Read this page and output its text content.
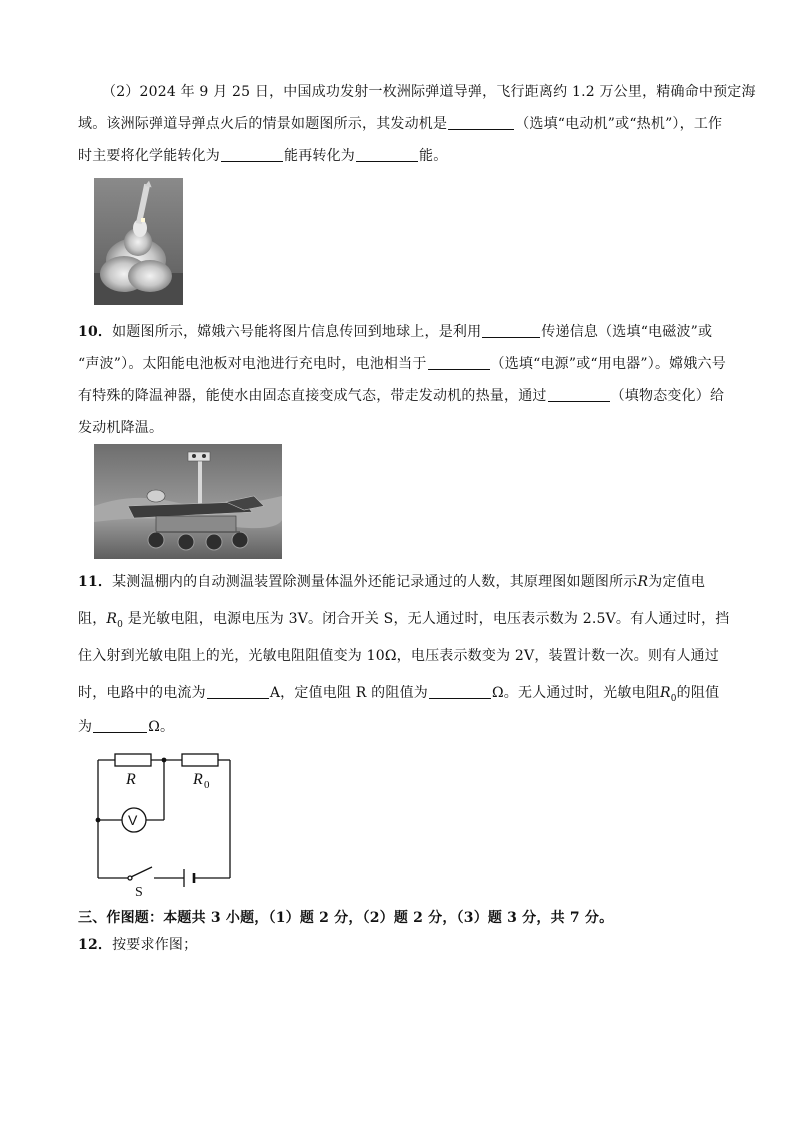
（2）2024 年 9 月 25 日，中国成功发射一枚洲际弹道导弹，飞行距离约 1.2 万公里，精确命中预定海
域。该洲际弹道导弹点火后的情景如题图所示，其发动机是	（选填“电动机”或“热机”），工作
时主要将化学能转化为	能再转化为	能。
10．如题图所示，嫦娥六号能将图片信息传回到地球上，是利用	传递信息（选填“电磁波”或
“声波”）。太阳能电池板对电池进行充电时，电池相当于	（选填“电源”或“用电器”）。嫦娥六号
有特殊的降温神器，能使水由固态直接变成气态，带走发动机的热量，通过	（填物态变化）给
发动机降温。
11．某测温棚内的自动测温装置除测量体温外还能记录通过的人数，其原理图如题图所示R为定值电
阻，$R_0$ 是光敏电阻，电源电压为 3V。闭合开关 S，无人通过时，电压表示数为 2.5V。有人通过时，挡
住入射到光敏电阻上的光，光敏电阻阻值变为 10Ω，电压表示数变为 2V，装置计数一次。则有人通过
时，电路中的电流为	A，定值电阻 R 的阻值为	Ω。无人通过时，光敏电阻$R_0$的阻值
为	Ω。
R	R 0
V
S
三、作图题：本题共 3 小题，（1）题 2 分，（2）题 2 分，（3）题 3 分，共 7 分。
12．按要求作图；
